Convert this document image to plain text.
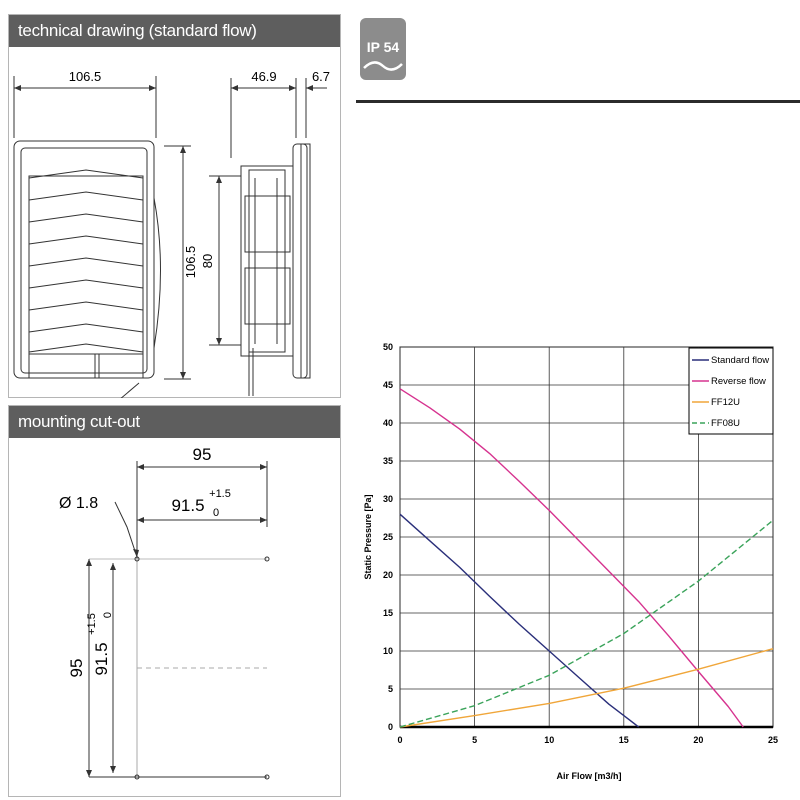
technical drawing (standard flow)
106.5	46.9	6.7
106.5 80
mounting cut-out
95
91.5
+1.5
0
Ø 1.8
95 91.5
+1.5 0
IP 54
0	5	10	15	20	25
0
5
10
15
20
25
30
35
40
45
50
Standard flow
Reverse flow
FF12U
FF08U
Air Flow [m3/h]
Static Pressure [Pa]
